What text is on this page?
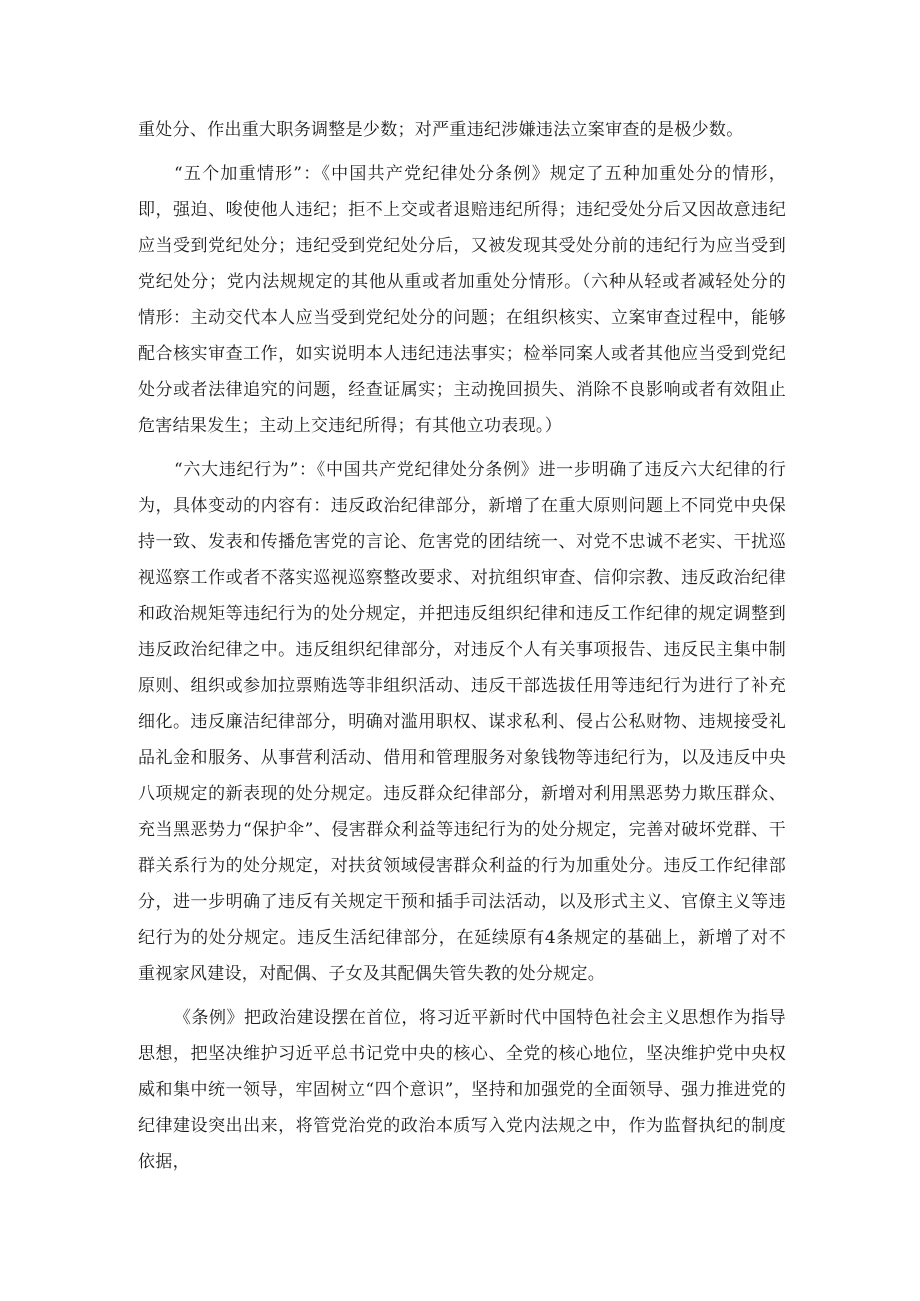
重处分、作出重大职务调整是少数；对严重违纪涉嫌违法立案审查的是极少数。

“五个加重情形”：《中国共产党纪律处分条例》规定了五种加重处分的情形，即，强迫、唆使他人违纪；拒不上交或者退赔违纪所得；违纪受处分后又因故意违纪应当受到党纪处分；违纪受到党纪处分后，又被发现其受处分前的违纪行为应当受到党纪处分；党内法规规定的其他从重或者加重处分情形。（六种从轻或者减轻处分的情形：主动交代本人应当受到党纪处分的问题；在组织核实、立案审查过程中，能够配合核实审查工作，如实说明本人违纪违法事实；检举同案人或者其他应当受到党纪处分或者法律追究的问题，经查证属实；主动挽回损失、消除不良影响或者有效阻止危害结果发生；主动上交违纪所得；有其他立功表现。）

“六大违纪行为”：《中国共产党纪律处分条例》进一步明确了违反六大纪律的行为，具体变动的内容有：违反政治纪律部分，新增了在重大原则问题上不同党中央保持一致、发表和传播危害党的言论、危害党的团结统一、对党不忠诚不老实、干扰巡视巡察工作或者不落实巡视巡察整改要求、对抗组织审查、信仰宗教、违反政治纪律和政治规矩等违纪行为的处分规定，并把违反组织纪律和违反工作纪律的规定调整到违反政治纪律之中。违反组织纪律部分，对违反个人有关事项报告、违反民主集中制原则、组织或参加拉票贿选等非组织活动、违反干部选拔任用等违纪行为进行了补充细化。违反廉洁纪律部分，明确对滥用职权、谋求私利、侵占公私财物、违规接受礼品礼金和服务、从事营利活动、借用和管理服务对象钱物等违纪行为，以及违反中央八项规定的新表现的处分规定。违反群众纪律部分，新增对利用黑恶势力欺压群众、充当黑恶势力“保护伞”、侵害群众利益等违纪行为的处分规定，完善对破坏党群、干群关系行为的处分规定，对扶贫领域侵害群众利益的行为加重处分。违反工作纪律部分，进一步明确了违反有关规定干预和插手司法活动，以及形式主义、官僚主义等违纪行为的处分规定。违反生活纪律部分，在延续原有4条规定的基础上，新增了对不重视家风建设，对配偶、子女及其配偶失管失教的处分规定。

《条例》把政治建设摆在首位，将习近平新时代中国特色社会主义思想作为指导思想，把坚决维护习近平总书记党中央的核心、全党的核心地位，坚决维护党中央权威和集中统一领导，牢固树立“四个意识”，坚持和加强党的全面领导、强力推进党的纪律建设突出出来，将管党治党的政治本质写入党内法规之中，作为监督执纪的制度依据，
